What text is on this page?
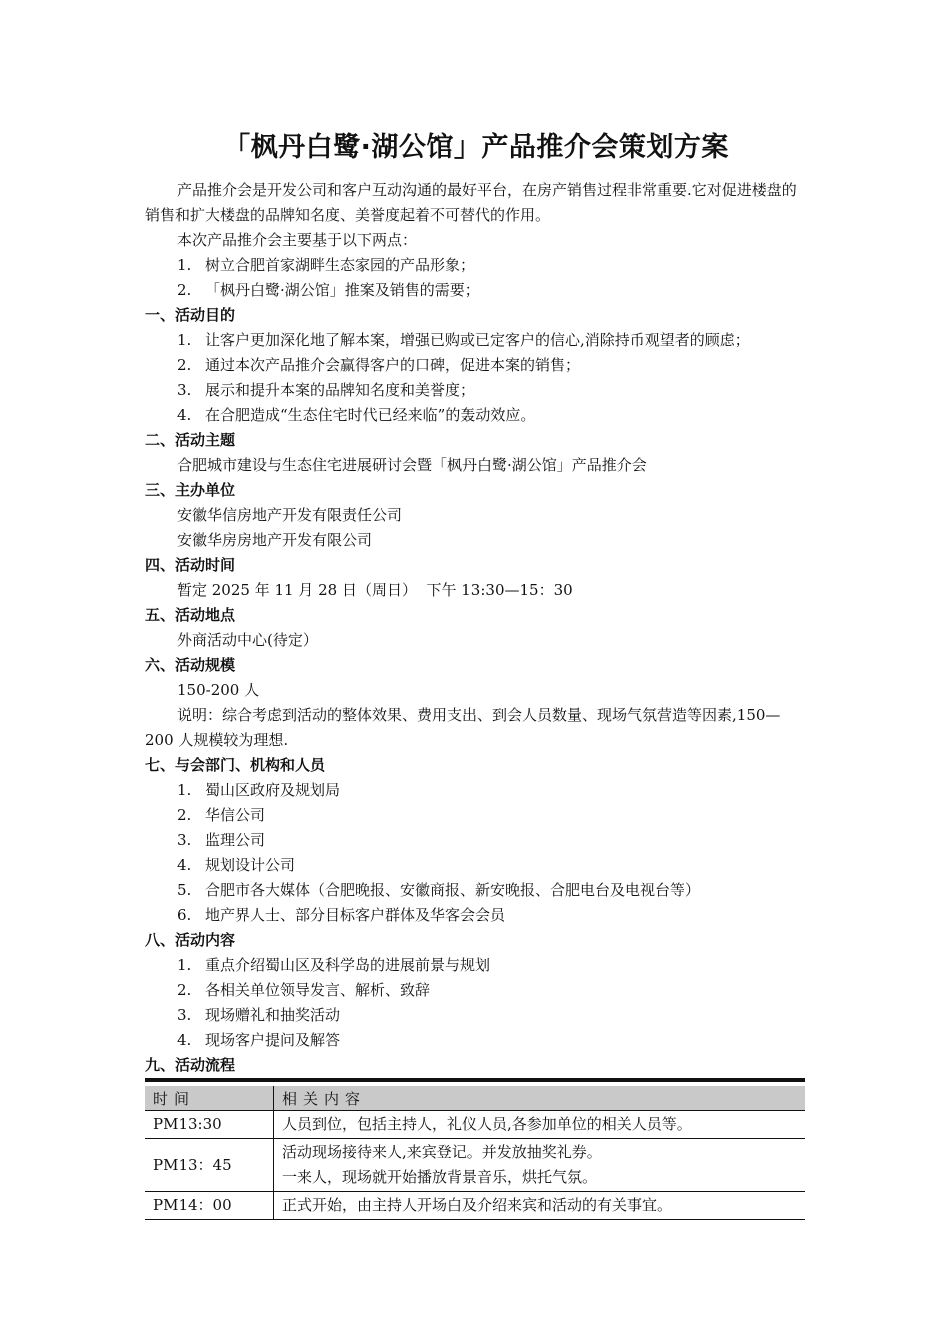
「枫丹白鹭·湖公馆」产品推介会策划方案

产品推介会是开发公司和客户互动沟通的最好平台，在房产销售过程非常重要.它对促进楼盘的销售和扩大楼盘的品牌知名度、美誉度起着不可替代的作用。

本次产品推介会主要基于以下两点：

1. 树立合肥首家湖畔生态家园的产品形象；
2. 「枫丹白鹭·湖公馆」推案及销售的需要；

一、活动目的

1. 让客户更加深化地了解本案，增强已购或已定客户的信心,消除持币观望者的顾虑；
2. 通过本次产品推介会赢得客户的口碑，促进本案的销售；
3. 展示和提升本案的品牌知名度和美誉度；
4. 在合肥造成“生态住宅时代已经来临”的轰动效应。

二、活动主题

合肥城市建设与生态住宅进展研讨会暨「枫丹白鹭·湖公馆」产品推介会

三、主办单位

安徽华信房地产开发有限责任公司

安徽华房房地产开发有限公司

四、活动时间

暂定 2025 年 11 月 28 日（周日）  下午 13:30—15：30

五、活动地点

外商活动中心(待定）

六、活动规模

150-200 人

说明：综合考虑到活动的整体效果、费用支出、到会人员数量、现场气氛营造等因素,150—200 人规模较为理想.

七、与会部门、机构和人员

1. 蜀山区政府及规划局
2. 华信公司
3. 监理公司
4. 规划设计公司
5. 合肥市各大媒体（合肥晚报、安徽商报、新安晚报、合肥电台及电视台等）
6. 地产界人士、部分目标客户群体及华客会会员

八、活动内容

1. 重点介绍蜀山区及科学岛的进展前景与规划
2. 各相关单位领导发言、解析、致辞
3. 现场赠礼和抽奖活动
4. 现场客户提问及解答

九、活动流程

时间	相关内容
PM13:30	人员到位，包括主持人，礼仪人员,各参加单位的相关人员等。
PM13：45	活动现场接待来人,来宾登记。并发放抽奖礼券。
一来人，现场就开始播放背景音乐，烘托气氛。

PM14：00	正式开始，由主持人开场白及介绍来宾和活动的有关事宜。
